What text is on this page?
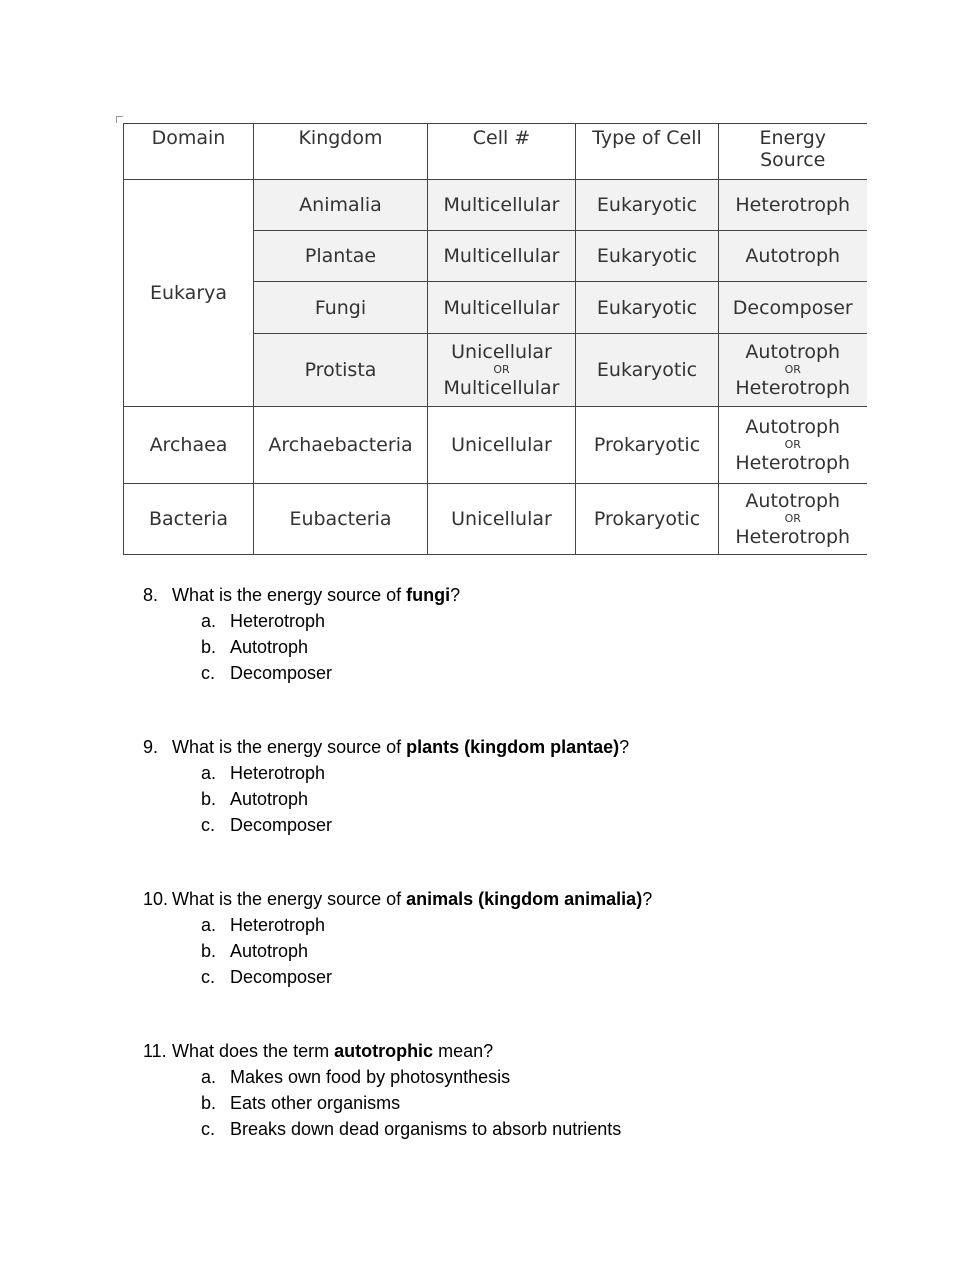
Domain	Kingdom	Cell #	Type of Cell	Energy
Source

Eukarya	Animalia	Multicellular	Eukaryotic	Heterotroph
	Plantae	Multicellular	Eukaryotic	Autotroph
	Fungi	Multicellular	Eukaryotic	Decomposer
	Protista	Unicellular
OR
Multicellular	Eukaryotic	Autotroph
OR
Heterotroph

Archaea	Archaebacteria	Unicellular	Prokaryotic	Autotroph
OR
Heterotroph

Bacteria	Eubacteria	Unicellular	Prokaryotic	Autotroph
OR
Heterotroph
8. What is the energy source of fungi?
a. Heterotroph
b. Autotroph
c. Decomposer
9. What is the energy source of plants (kingdom plantae)?
a. Heterotroph
b. Autotroph
c. Decomposer
10. What is the energy source of animals (kingdom animalia)?
a. Heterotroph
b. Autotroph
c. Decomposer
11. What does the term autotrophic mean?
a. Makes own food by photosynthesis
b. Eats other organisms
c. Breaks down dead organisms to absorb nutrients
